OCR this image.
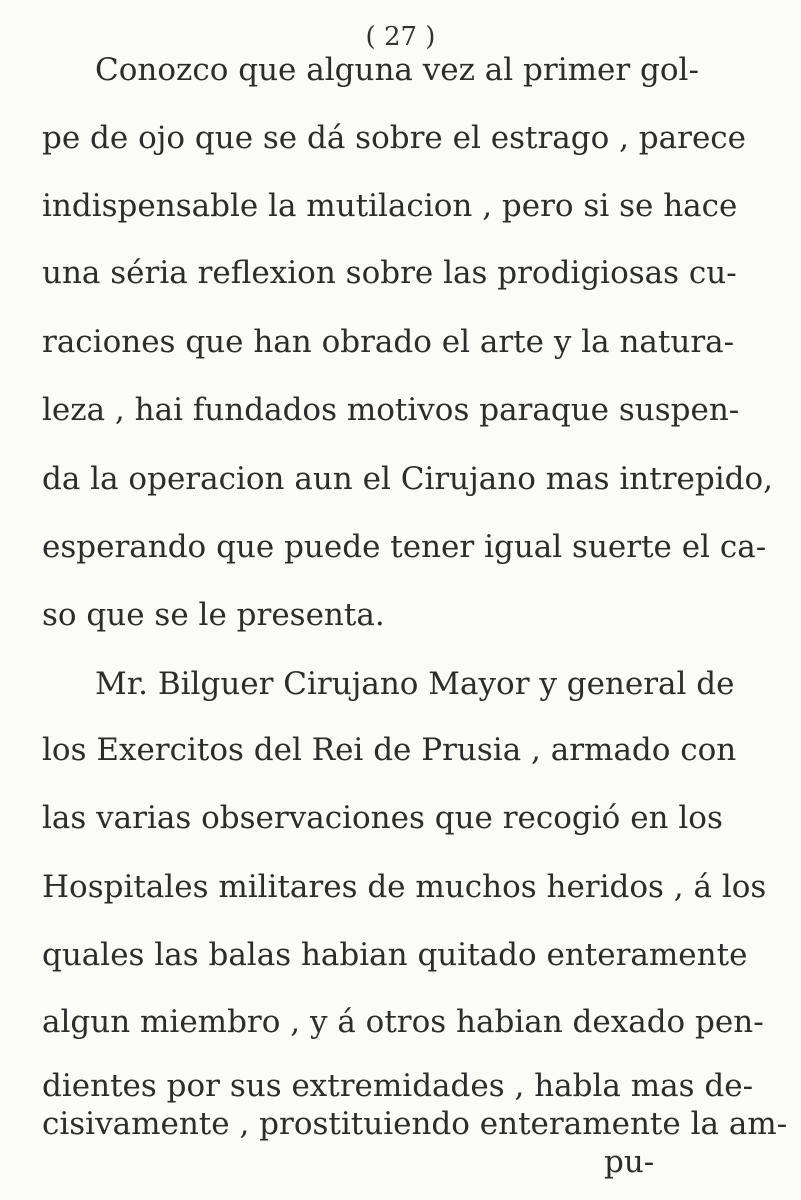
( 27 )
Conozco que alguna vez al primer gol-
pe de ojo que se dá sobre el estrago , parece
indispensable la mutilacion , pero si se hace
una séria reflexion sobre las prodigiosas cu-
raciones que han obrado el arte y la natura-
leza , hai fundados motivos paraque suspen-
da la operacion aun el Cirujano mas intrepido,
esperando que puede tener igual suerte el ca-
so que se le presenta.
Mr. Bilguer Cirujano Mayor y general de
los Exercitos del Rei de Prusia , armado con
las varias observaciones que recogió en los
Hospitales militares de muchos heridos , á los
quales las balas habian quitado enteramente
algun miembro , y á otros habian dexado pen-
dientes por sus extremidades , habla mas de-
cisivamente , prostituiendo enteramente la am-
pu-
